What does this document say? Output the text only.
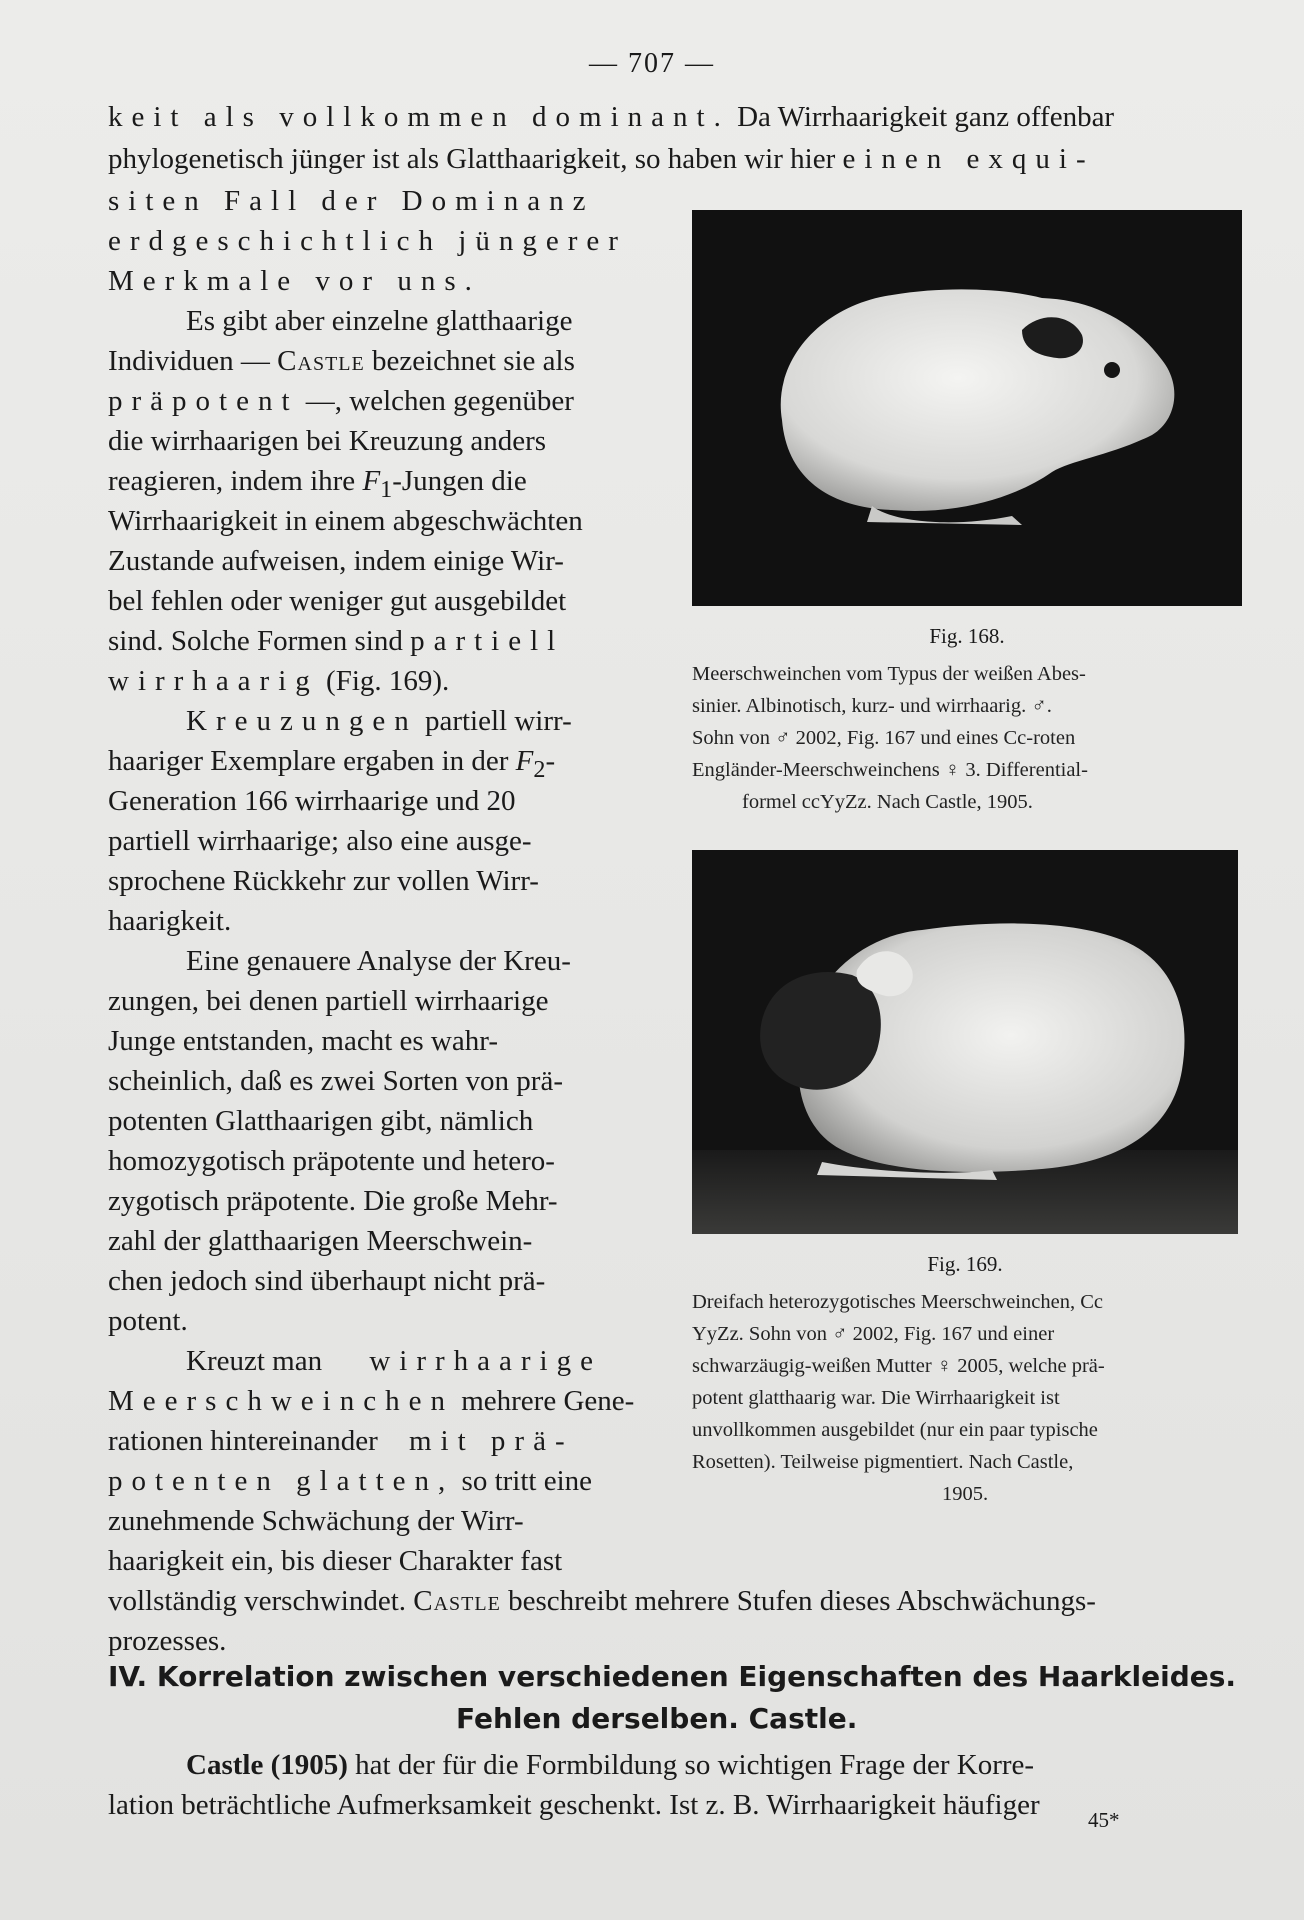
— 707 —
keit als vollkommen dominant. Da Wirrhaarigkeit ganz offenbar
phylogenetisch jünger ist als Glatthaarigkeit, so haben wir hier einen exqui-
siten Fall der Dominanz
erdgeschichtlich jüngerer
Merkmale vor uns.
Es gibt aber einzelne glatthaarige
Individuen — Castle bezeichnet sie als
präpotent —, welchen gegenüber
die wirrhaarigen bei Kreuzung anders
reagieren, indem ihre $F_1$-Jungen die
Wirrhaarigkeit in einem abgeschwächten
Zustande aufweisen, indem einige Wir-
bel fehlen oder weniger gut ausgebildet
sind. Solche Formen sind partiell
wirrhaarig (Fig. 169).
Kreuzungen partiell wirr-
haariger Exemplare ergaben in der $F_2-$
Generation 166 wirrhaarige und 20
partiell wirrhaarige; also eine ausge-
sprochene Rückkehr zur vollen Wirr-
haarigkeit.
Eine genauere Analyse der Kreu-
zungen, bei denen partiell wirrhaarige
Junge entstanden, macht es wahr-
scheinlich, daß es zwei Sorten von prä-
potenten Glatthaarigen gibt, nämlich
homozygotisch präpotente und hetero-
zygotisch präpotente. Die große Mehr-
zahl der glatthaarigen Meerschwein-
chen jedoch sind überhaupt nicht prä-
potent.
Kreuzt man wirrhaarige
Meerschweinchen mehrere Gene-
rationen hintereinander mit prä-
potenten glatten, so tritt eine
zunehmende Schwächung der Wirr-
haarigkeit ein, bis dieser Charakter fast
vollständig verschwindet. Castle beschreibt mehrere Stufen dieses Abschwächungs-
prozesses.
Fig. 168.
Meerschweinchen vom Typus der weißen Abes-
sinier. Albinotisch, kurz- und wirrhaarig. ♂.
Sohn von ♂ 2002, Fig. 167 und eines Cc-roten
Engländer-Meerschweinchens ♀ 3. Differential-
formel ccYyZz. Nach Castle, 1905.
Fig. 169.
Dreifach heterozygotisches Meerschweinchen, Cc
YyZz. Sohn von ♂ 2002, Fig. 167 und einer
schwarzäugig-weißen Mutter ♀ 2005, welche prä-
potent glatthaarig war. Die Wirrhaarigkeit ist
unvollkommen ausgebildet (nur ein paar typische
Rosetten). Teilweise pigmentiert. Nach Castle,
1905.
IV. Korrelation zwischen verschiedenen Eigenschaften des Haarkleides.
Fehlen derselben. Castle.
Castle (1905) hat der für die Formbildung so wichtigen Frage der Korre-
lation beträchtliche Aufmerksamkeit geschenkt. Ist z. B. Wirrhaarigkeit häufiger 45*
